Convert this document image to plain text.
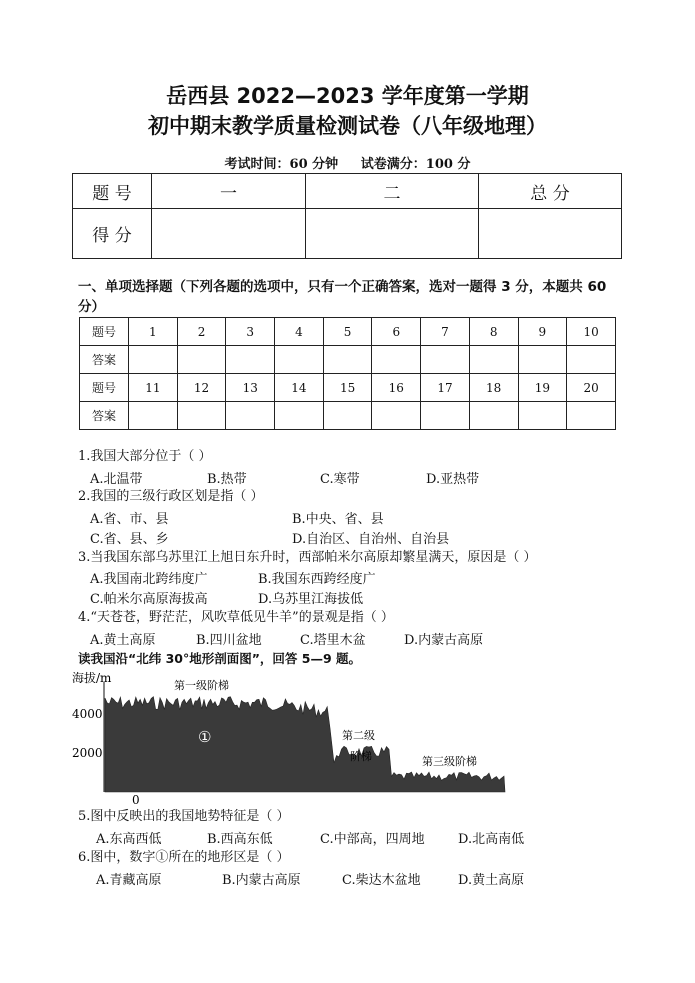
岳西县 2022—2023 学年度第一学期
初中期末教学质量检测试卷（八年级地理）
考试时间：60 分钟     试卷满分：100 分
题 号	一	二	总 分
得 分			
一、单项选择题（下列各题的选项中，只有一个正确答案，选对一题得 3 分，本题共 60 分）
题号	1	2	3	4	5	6	7	8	9	10
答案										
题号	11	12	13	14	15	16	17	18	19	20
答案										
1.我国大部分位于（ ）
A.北温带	B.热带	C.寒带	D.亚热带
2.我国的三级行政区划是指（ ）
A.省、市、县	B.中央、省、县
C.省、县、乡	D.自治区、自治州、自治县
3.当我国东部乌苏里江上旭日东升时，西部帕米尔高原却繁星满天，原因是（ ）
A.我国南北跨纬度广	B.我国东西跨经度广
C.帕米尔高原海拔高	D.乌苏里江海拔低
4.“天苍苍，野茫茫，风吹草低见牛羊”的景观是指（ ）
A.黄土高原	B.四川盆地	C.塔里木盆	D.内蒙古高原
读我国沿“北纬 30°地形剖面图”，回答 5—9 题。
海拔/m
4000
2000
0
第一级阶梯
①	第二级
阶梯	第三级阶梯
5.图中反映出的我国地势特征是（ ）
A.东高西低	B.西高东低	C.中部高，四周地	D.北高南低
6.图中，数字①所在的地形区是（ ）
A.青藏高原	B.内蒙古高原	C.柴达木盆地	D.黄土高原
